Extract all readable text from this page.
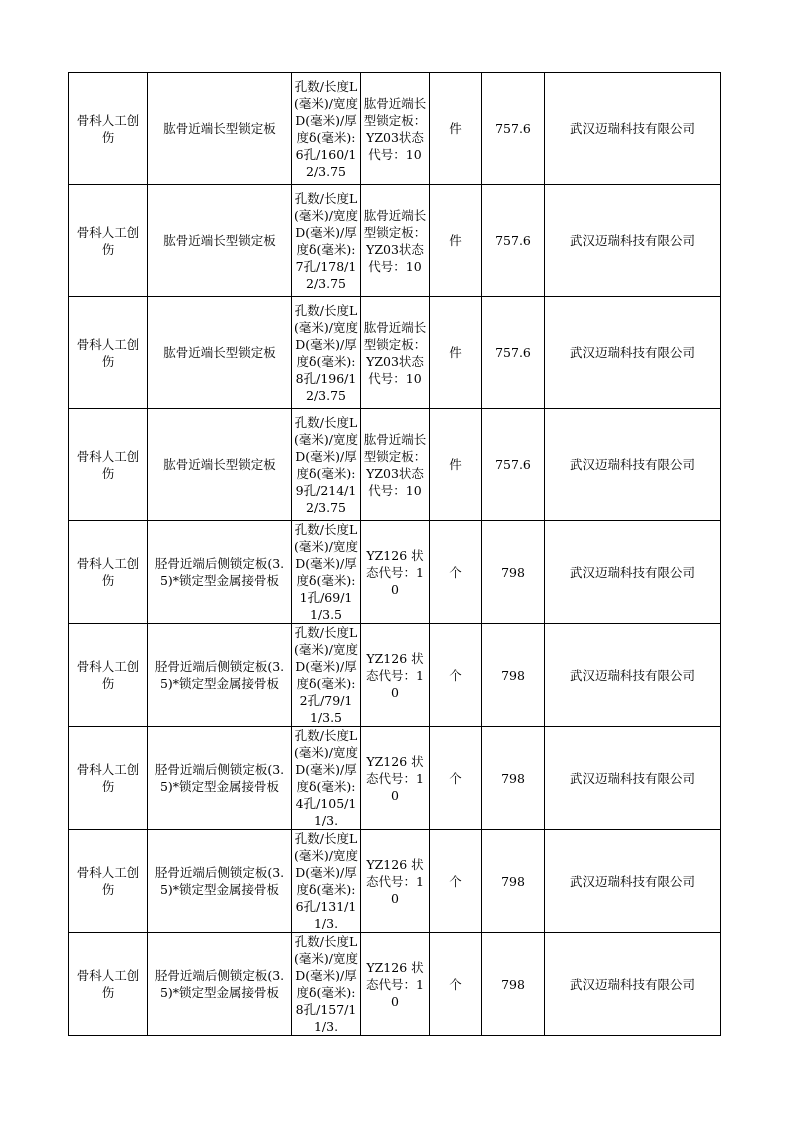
骨科人工创伤	肱骨近端长型锁定板	孔数/长度L(毫米)/宽度D(毫米)/厚度δ(毫米):6孔/160/12/3.75	肱骨近端长型锁定板：YZ03状态代号：10	件	757.6	武汉迈瑞科技有限公司
骨科人工创伤	肱骨近端长型锁定板	孔数/长度L(毫米)/宽度D(毫米)/厚度δ(毫米):7孔/178/12/3.75	肱骨近端长型锁定板：YZ03状态代号：10	件	757.6	武汉迈瑞科技有限公司
骨科人工创伤	肱骨近端长型锁定板	孔数/长度L(毫米)/宽度D(毫米)/厚度δ(毫米):8孔/196/12/3.75	肱骨近端长型锁定板：YZ03状态代号：10	件	757.6	武汉迈瑞科技有限公司
骨科人工创伤	肱骨近端长型锁定板	孔数/长度L(毫米)/宽度D(毫米)/厚度δ(毫米):9孔/214/12/3.75	肱骨近端长型锁定板：YZ03状态代号：10	件	757.6	武汉迈瑞科技有限公司
骨科人工创伤	胫骨近端后侧锁定板(3.5)*锁定型金属接骨板	孔数/长度L(毫米)/宽度D(毫米)/厚度δ(毫米):1孔/69/11/3.5	YZ126 状态代号：10	个	798	武汉迈瑞科技有限公司
骨科人工创伤	胫骨近端后侧锁定板(3.5)*锁定型金属接骨板	孔数/长度L(毫米)/宽度D(毫米)/厚度δ(毫米):2孔/79/11/3.5	YZ126 状态代号：10	个	798	武汉迈瑞科技有限公司
骨科人工创伤	胫骨近端后侧锁定板(3.5)*锁定型金属接骨板	孔数/长度L(毫米)/宽度D(毫米)/厚度δ(毫米):4孔/105/11/3.	YZ126 状态代号：10	个	798	武汉迈瑞科技有限公司
骨科人工创伤	胫骨近端后侧锁定板(3.5)*锁定型金属接骨板	孔数/长度L(毫米)/宽度D(毫米)/厚度δ(毫米):6孔/131/11/3.	YZ126 状态代号：10	个	798	武汉迈瑞科技有限公司
骨科人工创伤	胫骨近端后侧锁定板(3.5)*锁定型金属接骨板	孔数/长度L(毫米)/宽度D(毫米)/厚度δ(毫米):8孔/157/11/3.	YZ126 状态代号：10	个	798	武汉迈瑞科技有限公司
